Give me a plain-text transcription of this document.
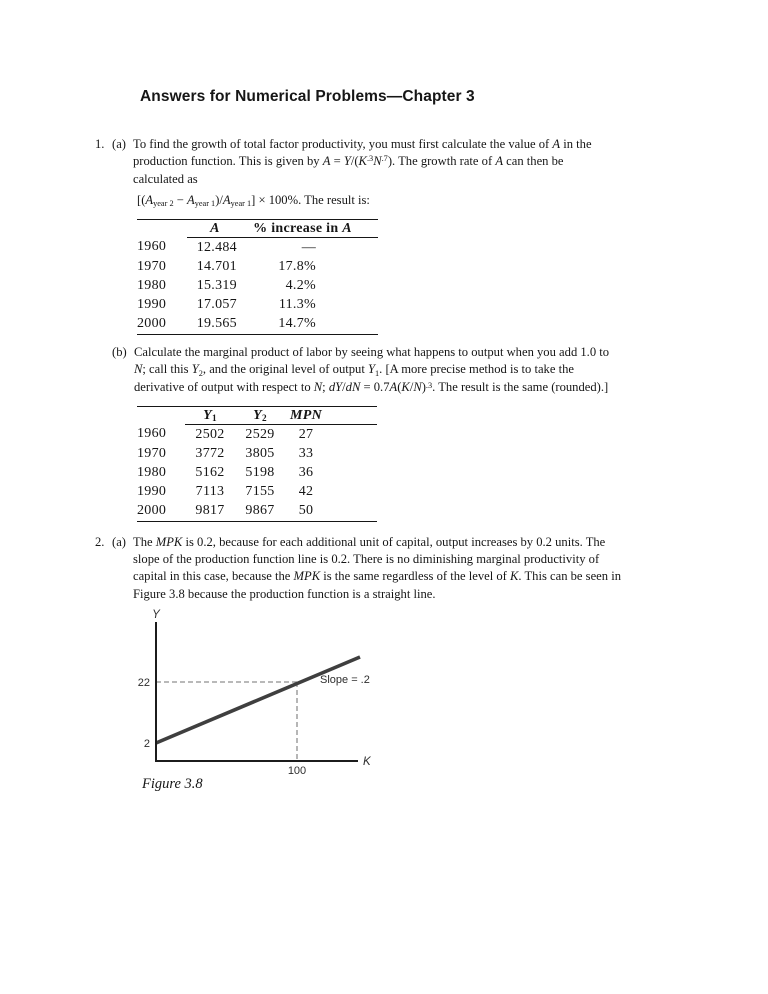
Answers for Numerical Problems—Chapter 3
1. (a) To find the growth of total factor productivity, you must first calculate the value of A in the
production function. This is given by $A = Y/(K^{.3}N^{.7})$. The growth rate of A can then be
calculated as
$[(A_{year 2} - A_{year 1})/A_{year 1}] \times 100\%$. The result is:
	A	% increase in A
1960	12.484	—
1970	14.701	17.8%
1980	15.319	4.2%
1990	17.057	11.3%
2000	19.565	14.7%
(b) Calculate the marginal product of labor by seeing what happens to output when you add 1.0 to
N; call this $Y_2$, and the original level of output $Y_1$. [A more precise method is to take the
derivative of output with respect to N; $dY/dN = 0.7A(K/N)^{.3}$. The result is the same (rounded).]
	$Y_1$	$Y_2$	MPN
1960	2502	2529	27
1970	3772	3805	33
1980	5162	5198	36
1990	7113	7155	42
2000	9817	9867	50
2. (a) The MPK is 0.2, because for each additional unit of capital, output increases by 0.2 units. The
slope of the production function line is 0.2. There is no diminishing marginal productivity of
capital in this case, because the MPK is the same regardless of the level of K. This can be seen in
Figure 3.8 because the production function is a straight line.
Y
K
22
2
100
Slope = .2
Figure 3.8
